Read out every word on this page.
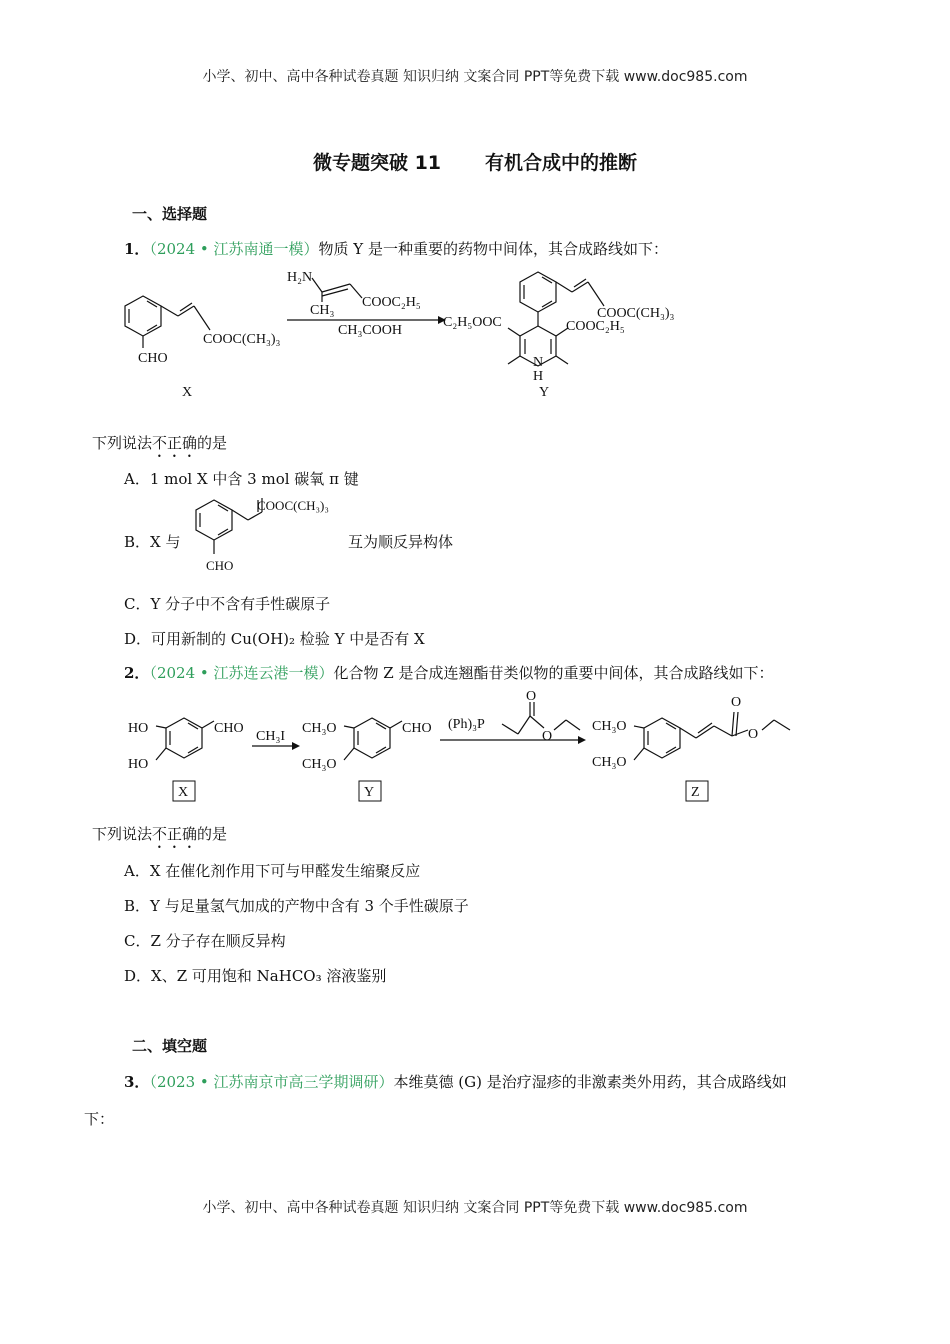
小学、初中、高中各种试卷真题 知识归纳 文案合同 PPT等免费下载 www.doc985.com
微专题突破 11 有机合成中的推断
一、选择题
1．（2024 • 江苏南通一模）物质 Y 是一种重要的药物中间体，其合成路线如下：
COOC(CH₃)₃
CHO
X
H₂N
CH₃
COOC₂H₅
CH₃COOH
COOC(CH₃)₃
COOC₂H₅
C₂H₅OOC
N
H
Y
下列说法不正确的是
A．1 mol X 中含 3 mol 碳氧 π 键
B．X 与
COOC(CH₃)₃
CHO
互为顺反异构体
C．Y 分子中不含有手性碳原子
D．可用新制的 Cu(OH)₂ 检验 Y 中是否有 X
2．（2024 • 江苏连云港一模）化合物 Z 是合成连翘酯苷类似物的重要中间体，其合成路线如下：
HO
HO
CHO
X
CH₃I
CH₃O
CH₃O
CHO
Y
(Ph)₃P
O
O
O
O
CH₃O
CH₃O
Z
下列说法不正确的是
A．X 在催化剂作用下可与甲醛发生缩聚反应
B．Y 与足量氢气加成的产物中含有 3 个手性碳原子
C．Z 分子存在顺反异构
D．X、Z 可用饱和 NaHCO₃ 溶液鉴别
二、填空题
3．（2023 • 江苏南京市高三学期调研）本维莫德 (G) 是治疗湿疹的非激素类外用药，其合成路线如
下：
小学、初中、高中各种试卷真题 知识归纳 文案合同 PPT等免费下载 www.doc985.com
